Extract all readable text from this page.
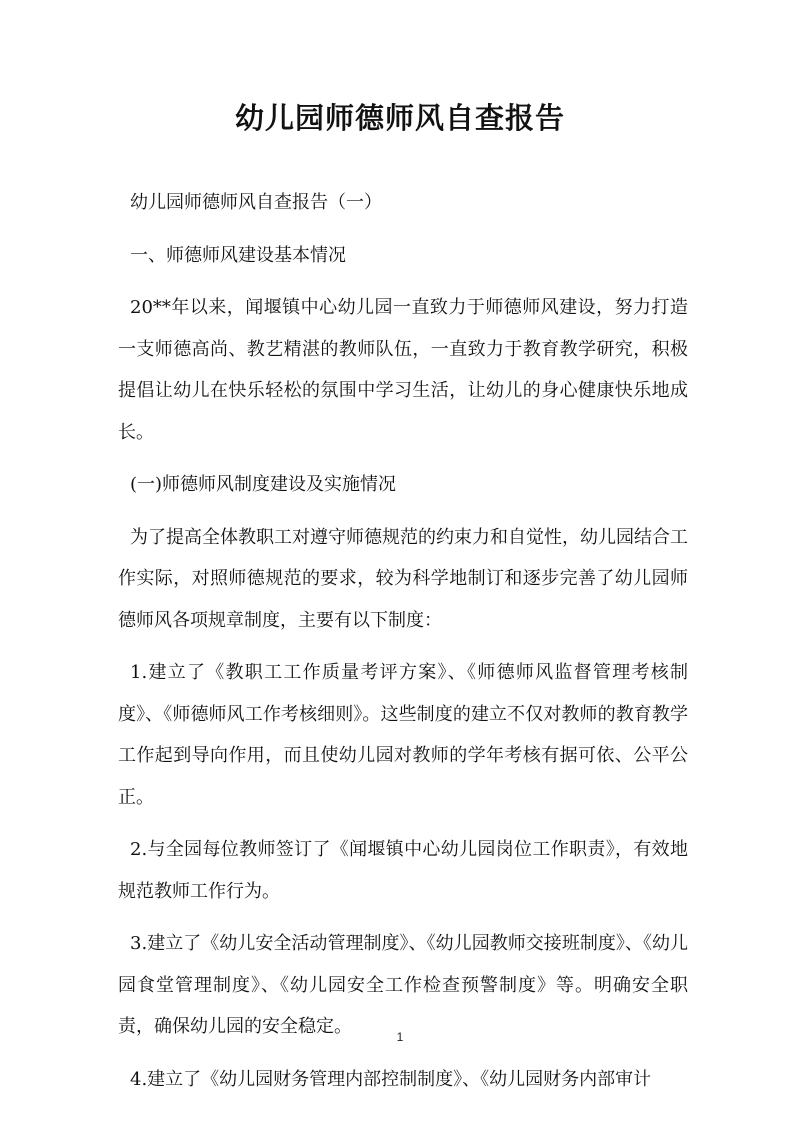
幼儿园师德师风自查报告

幼儿园师德师风自查报告（一）

一、师德师风建设基本情况

20**年以来，闻堰镇中心幼儿园一直致力于师德师风建设，努力打造一支师德高尚、教艺精湛的教师队伍，一直致力于教育教学研究，积极提倡让幼儿在快乐轻松的氛围中学习生活，让幼儿的身心健康快乐地成长。

(一)师德师风制度建设及实施情况

为了提高全体教职工对遵守师德规范的约束力和自觉性，幼儿园结合工作实际，对照师德规范的要求，较为科学地制订和逐步完善了幼儿园师德师风各项规章制度，主要有以下制度：

1.建立了《教职工工作质量考评方案》、《师德师风监督管理考核制度》、《师德师风工作考核细则》。这些制度的建立不仅对教师的教育教学工作起到导向作用，而且使幼儿园对教师的学年考核有据可依、公平公正。

2.与全园每位教师签订了《闻堰镇中心幼儿园岗位工作职责》，有效地规范教师工作行为。

3.建立了《幼儿安全活动管理制度》、《幼儿园教师交接班制度》、《幼儿园食堂管理制度》、《幼儿园安全工作检查预警制度》等。明确安全职责，确保幼儿园的安全稳定。

4.建立了《幼儿园财务管理内部控制制度》、《幼儿园财务内部审计

1
